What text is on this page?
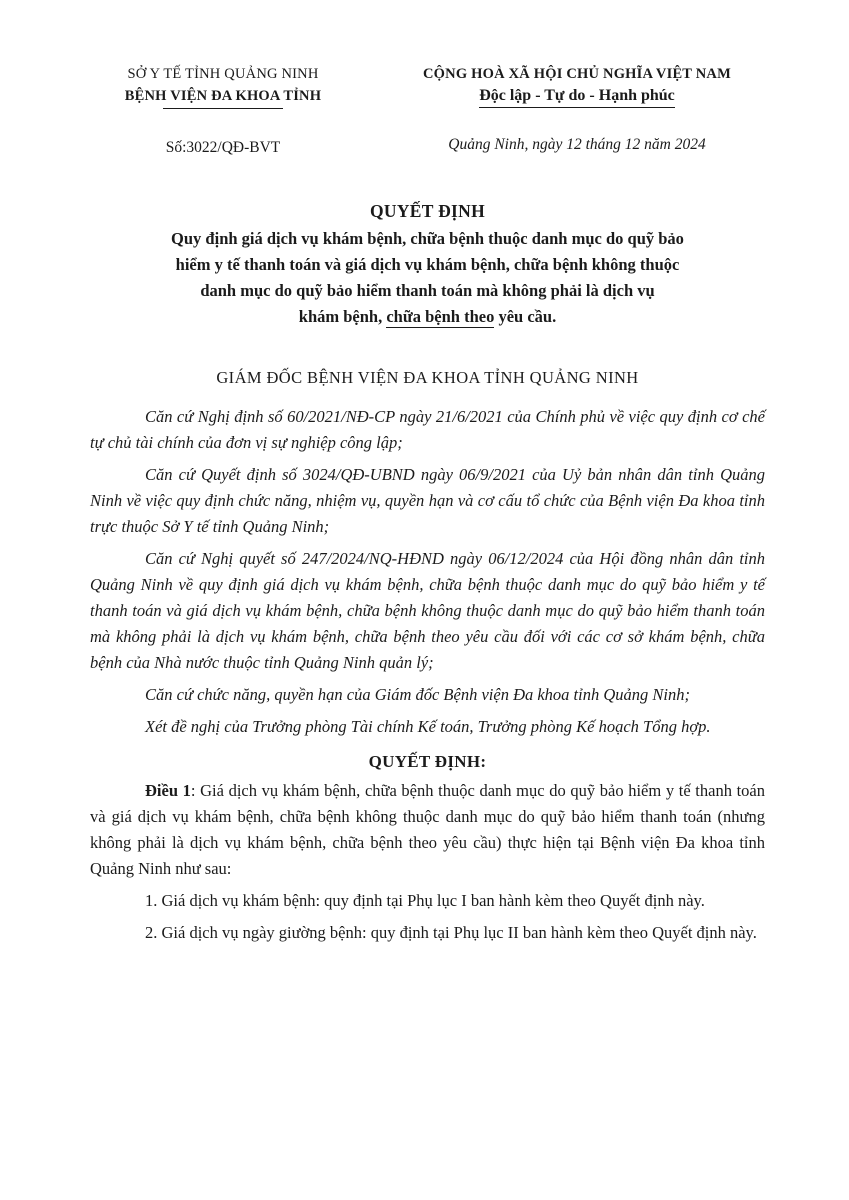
SỞ Y TẾ TỈNH QUẢNG NINH
BỆNH VIỆN ĐA KHOA TỈNH
Số:3022/QĐ-BVT
CỘNG HOÀ XÃ HỘI CHỦ NGHĨA VIỆT NAM
Độc lập - Tự do - Hạnh phúc
Quảng Ninh, ngày 12 tháng 12 năm 2024
QUYẾT ĐỊNH
Quy định giá dịch vụ khám bệnh, chữa bệnh thuộc danh mục do quỹ bảo
hiểm y tế thanh toán và giá dịch vụ khám bệnh, chữa bệnh không thuộc
danh mục do quỹ bảo hiểm thanh toán mà không phải là dịch vụ
khám bệnh, chữa bệnh theo yêu cầu.
GIÁM ĐỐC BỆNH VIỆN ĐA KHOA TỈNH QUẢNG NINH

Căn cứ Nghị định số 60/2021/NĐ-CP ngày 21/6/2021 của Chính phủ về việc quy định cơ chế tự chủ tài chính của đơn vị sự nghiệp công lập;

Căn cứ Quyết định số 3024/QĐ-UBND ngày 06/9/2021 của Uỷ bản nhân dân tỉnh Quảng Ninh về việc quy định chức năng, nhiệm vụ, quyền hạn và cơ cấu tổ chức của Bệnh viện Đa khoa tỉnh trực thuộc Sở Y tế tỉnh Quảng Ninh;

Căn cứ Nghị quyết số 247/2024/NQ-HĐND ngày 06/12/2024 của Hội đồng nhân dân tỉnh Quảng Ninh về quy định giá dịch vụ khám bệnh, chữa bệnh thuộc danh mục do quỹ bảo hiểm y tế thanh toán và giá dịch vụ khám bệnh, chữa bệnh không thuộc danh mục do quỹ bảo hiểm thanh toán mà không phải là dịch vụ khám bệnh, chữa bệnh theo yêu cầu đối với các cơ sở khám bệnh, chữa bệnh của Nhà nước thuộc tỉnh Quảng Ninh quản lý;

Căn cứ chức năng, quyền hạn của Giám đốc Bệnh viện Đa khoa tỉnh Quảng Ninh;

Xét đề nghị của Trưởng phòng Tài chính Kế toán, Trưởng phòng Kế hoạch Tổng hợp.

QUYẾT ĐỊNH:

Điều 1: Giá dịch vụ khám bệnh, chữa bệnh thuộc danh mục do quỹ bảo hiểm y tế thanh toán và giá dịch vụ khám bệnh, chữa bệnh không thuộc danh mục do quỹ bảo hiểm thanh toán (nhưng không phải là dịch vụ khám bệnh, chữa bệnh theo yêu cầu) thực hiện tại Bệnh viện Đa khoa tỉnh Quảng Ninh như sau:

1. Giá dịch vụ khám bệnh: quy định tại Phụ lục I ban hành kèm theo Quyết định này.

2. Giá dịch vụ ngày giường bệnh: quy định tại Phụ lục II ban hành kèm theo Quyết định này.
